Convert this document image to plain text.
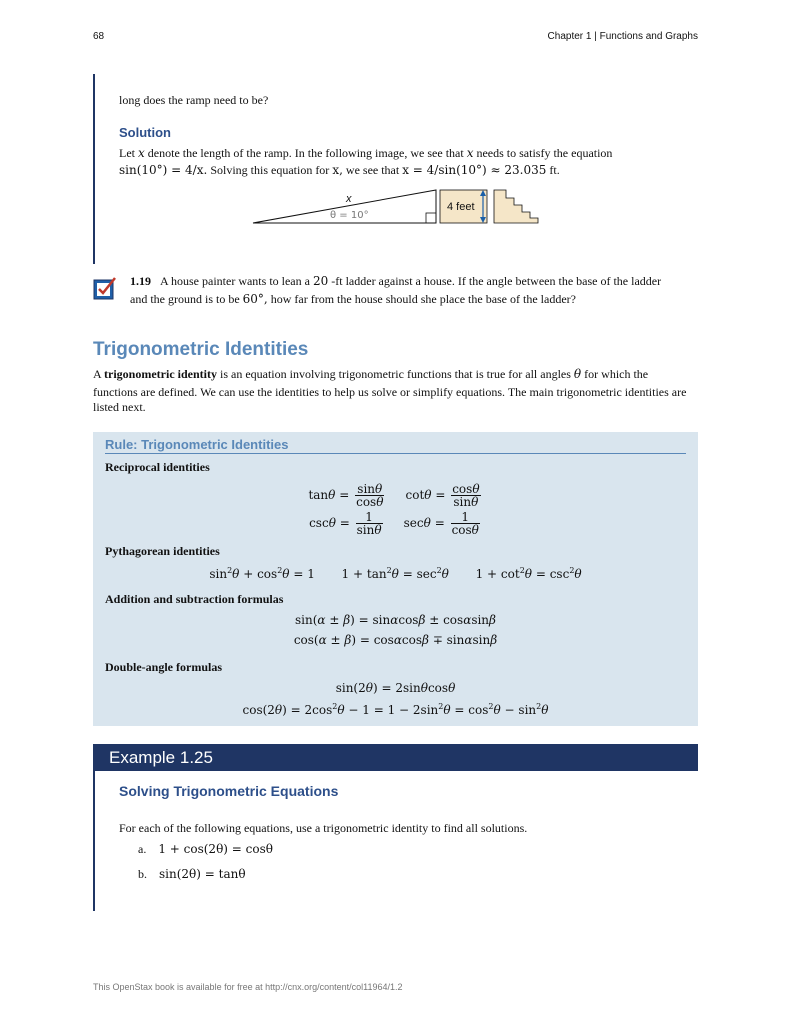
68	Chapter 1 | Functions and Graphs
long does the ramp need to be?
Solution
Let x denote the length of the ramp. In the following image, we see that x needs to satisfy the equation
sin(10°) = 4/x. Solving this equation for x, we see that x = 4/sin(10°) ≈ 23.035 ft.
x
θ = 10°
4 feet
1.19 A house painter wants to lean a 20 -ft ladder against a house. If the angle between the base of the ladder
and the ground is to be 60°, how far from the house should she place the base of the ladder?
Trigonometric Identities
A trigonometric identity is an equation involving trigonometric functions that is true for all angles θ for which the
functions are defined. We can use the identities to help us solve or simplify equations. The main trigonometric identities are
listed next.
Rule: Trigonometric Identities
Reciprocal identities
$\tan\theta = \frac{\sin\theta}{\cos\theta}$ $\cot\theta = \frac{\cos\theta}{\sin\theta}$
$\csc\theta = \frac{1}{\sin\theta}$ $\sec\theta = \frac{1}{\cos\theta}$
Pythagorean identities
$\sin^2\theta + \cos^2\theta = 1$       $1 + \tan^2\theta = \sec^2\theta$       $1 + \cot^2\theta = \csc^2\theta$
Addition and subtraction formulas
sin(α ± β) = sinαcosβ ± cosαsinβ
cos(α ± β) = cosαcosβ ∓ sinαsinβ
Double-angle formulas
sin(2θ) = 2sinθcosθ
$\cos(2\theta) = 2\cos^2\theta - 1 = 1 - 2\sin^2\theta = \cos^2\theta - \sin^2\theta$
Example 1.25
Solving Trigonometric Equations
For each of the following equations, use a trigonometric identity to find all solutions.
a. 1 + cos(2θ) = cosθ
b. sin(2θ) = tanθ
This OpenStax book is available for free at http://cnx.org/content/col11964/1.2
